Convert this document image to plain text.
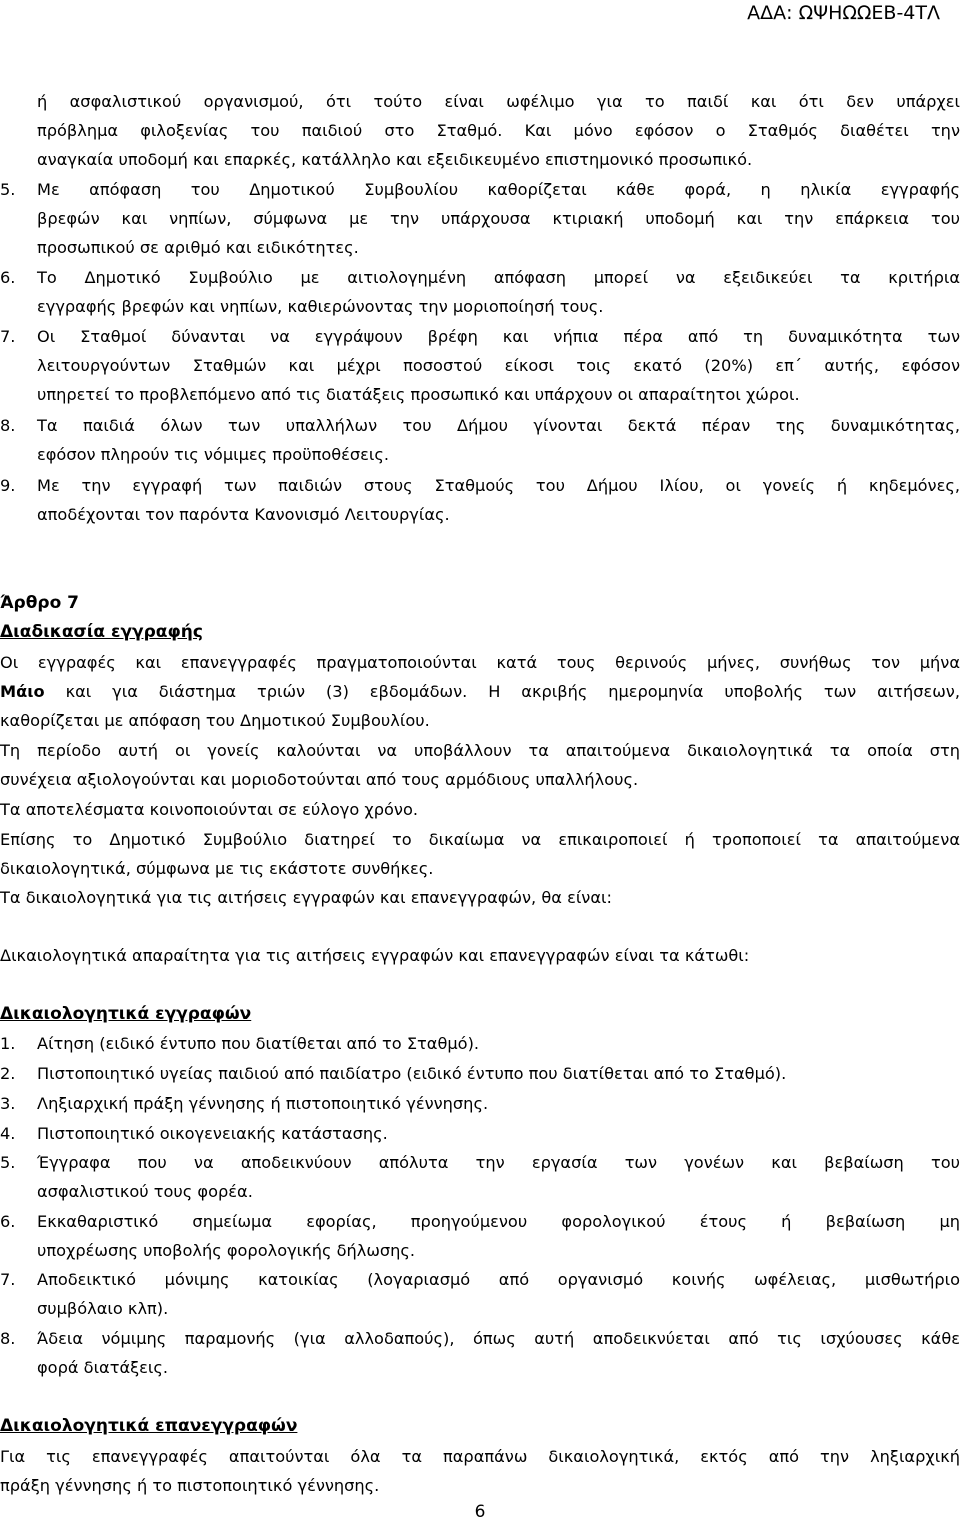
ΑΔΑ: ΩΨΗΩΩΕΒ-4ΤΛ

ή ασφαλιστικού οργανισμού, ότι τούτο είναι ωφέλιμο για το παιδί και ότι δεν υπάρχει

πρόβλημα φιλοξενίας του παιδιού στο Σταθμό. Και μόνο εφόσον ο Σταθμός διαθέτει την

αναγκαία υποδομή και επαρκές, κατάλληλο και εξειδικευμένο επιστημονικό προσωπικό.

5. Με απόφαση του Δημοτικού Συμβουλίου καθορίζεται κάθε φορά, η ηλικία εγγραφής

βρεφών και νηπίων, σύμφωνα με την υπάρχουσα κτιριακή υποδομή και την επάρκεια του

προσωπικού σε αριθμό και ειδικότητες.

6. Το Δημοτικό Συμβούλιο με αιτιολογημένη απόφαση μπορεί να εξειδικεύει τα κριτήρια

εγγραφής βρεφών και νηπίων, καθιερώνοντας την μοριοποίησή τους.

7. Οι Σταθμοί δύνανται να εγγράψουν βρέφη και νήπια πέρα από τη δυναμικότητα των

λειτουργούντων Σταθμών και μέχρι ποσοστού είκοσι τοις εκατό (20%) επ΄ αυτής, εφόσον

υπηρετεί το προβλεπόμενο από τις διατάξεις προσωπικό και υπάρχουν οι απαραίτητοι χώροι.

8. Τα παιδιά όλων των υπαλλήλων του Δήμου γίνονται δεκτά πέραν της δυναμικότητας,

εφόσον πληρούν τις νόμιμες προϋποθέσεις.

9. Με την εγγραφή των παιδιών στους Σταθμούς του Δήμου Ιλίου, οι γονείς ή κηδεμόνες,

αποδέχονται τον παρόντα Κανονισμό Λειτουργίας.

Άρθρο 7

Διαδικασία εγγραφής

Οι εγγραφές και επανεγγραφές πραγματοποιούνται κατά τους θερινούς μήνες, συνήθως τον μήνα

Μάιο και για διάστημα τριών (3) εβδομάδων. Η ακριβής ημερομηνία υποβολής των αιτήσεων,

καθορίζεται με απόφαση του Δημοτικού Συμβουλίου.

Τη περίοδο αυτή οι γονείς καλούνται να υποβάλλουν τα απαιτούμενα δικαιολογητικά τα οποία στη

συνέχεια αξιολογούνται και μοριοδοτούνται από τους αρμόδιους υπαλλήλους.

Τα αποτελέσματα κοινοποιούνται σε εύλογο χρόνο.

Επίσης το Δημοτικό Συμβούλιο διατηρεί το δικαίωμα να επικαιροποιεί ή τροποποιεί τα απαιτούμενα

δικαιολογητικά, σύμφωνα με τις εκάστοτε συνθήκες.

Τα δικαιολογητικά για τις αιτήσεις εγγραφών και επανεγγραφών, θα είναι:

Δικαιολογητικά απαραίτητα για τις αιτήσεις εγγραφών και επανεγγραφών είναι τα κάτωθι:

Δικαιολογητικά εγγραφών

1. Αίτηση (ειδικό έντυπο που διατίθεται από το Σταθμό).

2. Πιστοποιητικό υγείας παιδιού από παιδίατρο (ειδικό έντυπο που διατίθεται από το Σταθμό).

3. Ληξιαρχική πράξη γέννησης ή πιστοποιητικό γέννησης.

4. Πιστοποιητικό οικογενειακής κατάστασης.

5. Έγγραφα που να αποδεικνύουν απόλυτα την εργασία των γονέων και βεβαίωση του

ασφαλιστικού τους φορέα.

6. Εκκαθαριστικό σημείωμα εφορίας, προηγούμενου φορολογικού έτους ή βεβαίωση μη

υποχρέωσης υποβολής φορολογικής δήλωσης.

7. Αποδεικτικό μόνιμης κατοικίας (λογαριασμό από οργανισμό κοινής ωφέλειας, μισθωτήριο

συμβόλαιο κλπ).

8. Άδεια νόμιμης παραμονής (για αλλοδαπούς), όπως αυτή αποδεικνύεται από τις ισχύουσες κάθε

φορά διατάξεις.

Δικαιολογητικά επανεγγραφών

Για τις επανεγγραφές απαιτούνται όλα τα παραπάνω δικαιολογητικά, εκτός από την ληξιαρχική

πράξη γέννησης ή το πιστοποιητικό γέννησης.

6
